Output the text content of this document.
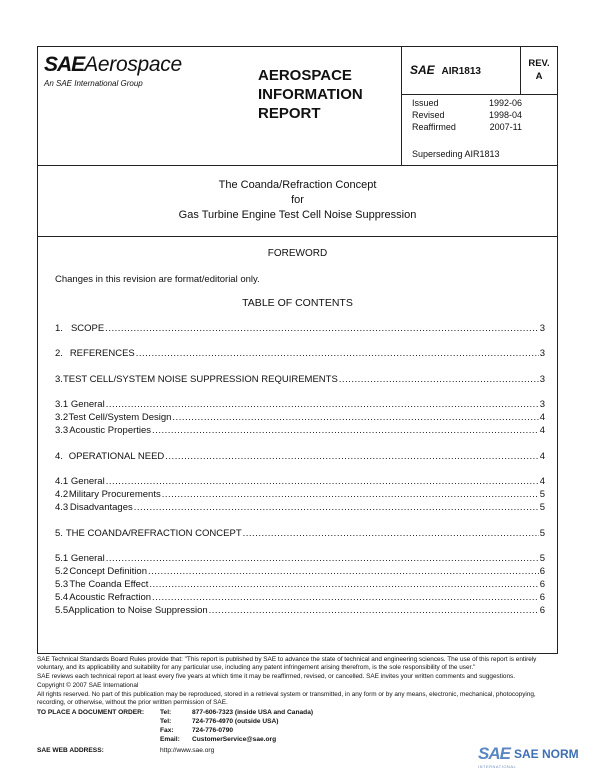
SAEAerospace
An SAE International Group	AEROSPACE
INFORMATION
REPORT
SAE AIR1813
REV.
A
Issued	1992-06
Revised	1998-04
Reaffirmed	2007-11
Superseding AIR1813
The Coanda/Refraction Concept
for
Gas Turbine Engine Test Cell Noise Suppression
FOREWORD
Changes in this revision are format/editorial only.
TABLE OF CONTENTS
1. SCOPE .....	3
2. REFERENCES .....	3
3. TEST CELL/SYSTEM NOISE SUPPRESSION REQUIREMENTS .....	3
3.1 General .....	3
3.2 Test Cell/System Design .....	4
3.3 Acoustic Properties .....	4
4. OPERATIONAL NEED .....	4
4.1 General .....	4
4.2 Military Procurements .....	5
4.3 Disadvantages .....	5
5. THE COANDA/REFRACTION CONCEPT .....	5
5.1 General .....	5
5.2 Concept Definition .....	6
5.3 The Coanda Effect .....	6
5.4 Acoustic Refraction .....	6
5.5 Application to Noise Suppression .....	6
SAE Technical Standards Board Rules provide that: "This report is published by SAE to advance the state of technical and engineering sciences. The use of this report is entirely voluntary, and its applicability and suitability for any particular use, including any patent infringement arising therefrom, is the sole responsibility of the user."
SAE reviews each technical report at least every five years at which time it may be reaffirmed, revised, or cancelled. SAE invites your written comments and suggestions.
Copyright © 2007 SAE International
All rights reserved. No part of this publication may be reproduced, stored in a retrieval system or transmitted, in any form or by any means, electronic, mechanical, photocopying, recording, or otherwise, without the prior written permission of SAE.
TO PLACE A DOCUMENT ORDER: Tel:	877-606-7323 (inside USA and Canada)
Tel:	724-776-4970 (outside USA)
Fax:	724-776-0790
Email:	CustomerService@sae.org
SAE WEB ADDRESS:	http://www.sae.org	SAE SAE NORM
INTERNATIONAL
